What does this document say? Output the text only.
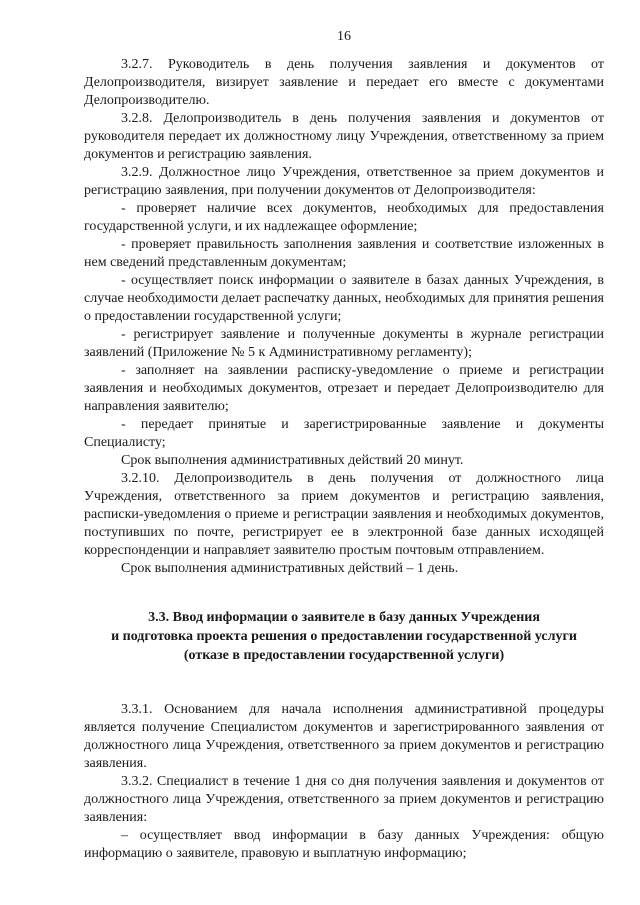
16

3.2.7. Руководитель в день получения заявления и документов от Делопроизводителя, визирует заявление и передает его вместе с документами Делопроизводителю.

3.2.8. Делопроизводитель в день получения заявления и документов от руководителя передает их должностному лицу Учреждения, ответственному за прием документов и регистрацию заявления.

3.2.9. Должностное лицо Учреждения, ответственное за прием документов и регистрацию заявления, при получении документов от Делопроизводителя:

- проверяет наличие всех документов, необходимых для предоставления государственной услуги, и их надлежащее оформление;

- проверяет правильность заполнения заявления и соответствие изложенных в нем сведений представленным документам;

- осуществляет поиск информации о заявителе в базах данных Учреждения, в случае необходимости делает распечатку данных, необходимых для принятия решения о предоставлении государственной услуги;

- регистрирует заявление и полученные документы в журнале регистрации заявлений (Приложение № 5 к Административному регламенту);

- заполняет на заявлении расписку-уведомление о приеме и регистрации заявления и необходимых документов, отрезает и передает Делопроизводителю для направления заявителю;

- передает принятые и зарегистрированные заявление и документы Специалисту;

Срок выполнения административных действий 20 минут.

3.2.10. Делопроизводитель в день получения от должностного лица Учреждения, ответственного за прием документов и регистрацию заявления, расписки-уведомления о приеме и регистрации заявления и необходимых документов, поступивших по почте, регистрирует ее в электронной базе данных исходящей корреспонденции и направляет заявителю простым почтовым отправлением.

Срок выполнения административных действий – 1 день.

3.3. Ввод информации о заявителе в базу данных Учреждения
и подготовка проекта решения о предоставлении государственной услуги
(отказе в предоставлении государственной услуги)

3.3.1. Основанием для начала исполнения административной процедуры является получение Специалистом документов и зарегистрированного заявления от должностного лица Учреждения, ответственного за прием документов и регистрацию заявления.

3.3.2. Специалист в течение 1 дня со дня получения заявления и документов от должностного лица Учреждения, ответственного за прием документов и регистрацию заявления:

– осуществляет ввод информации в базу данных Учреждения: общую информацию о заявителе, правовую и выплатную информацию;
